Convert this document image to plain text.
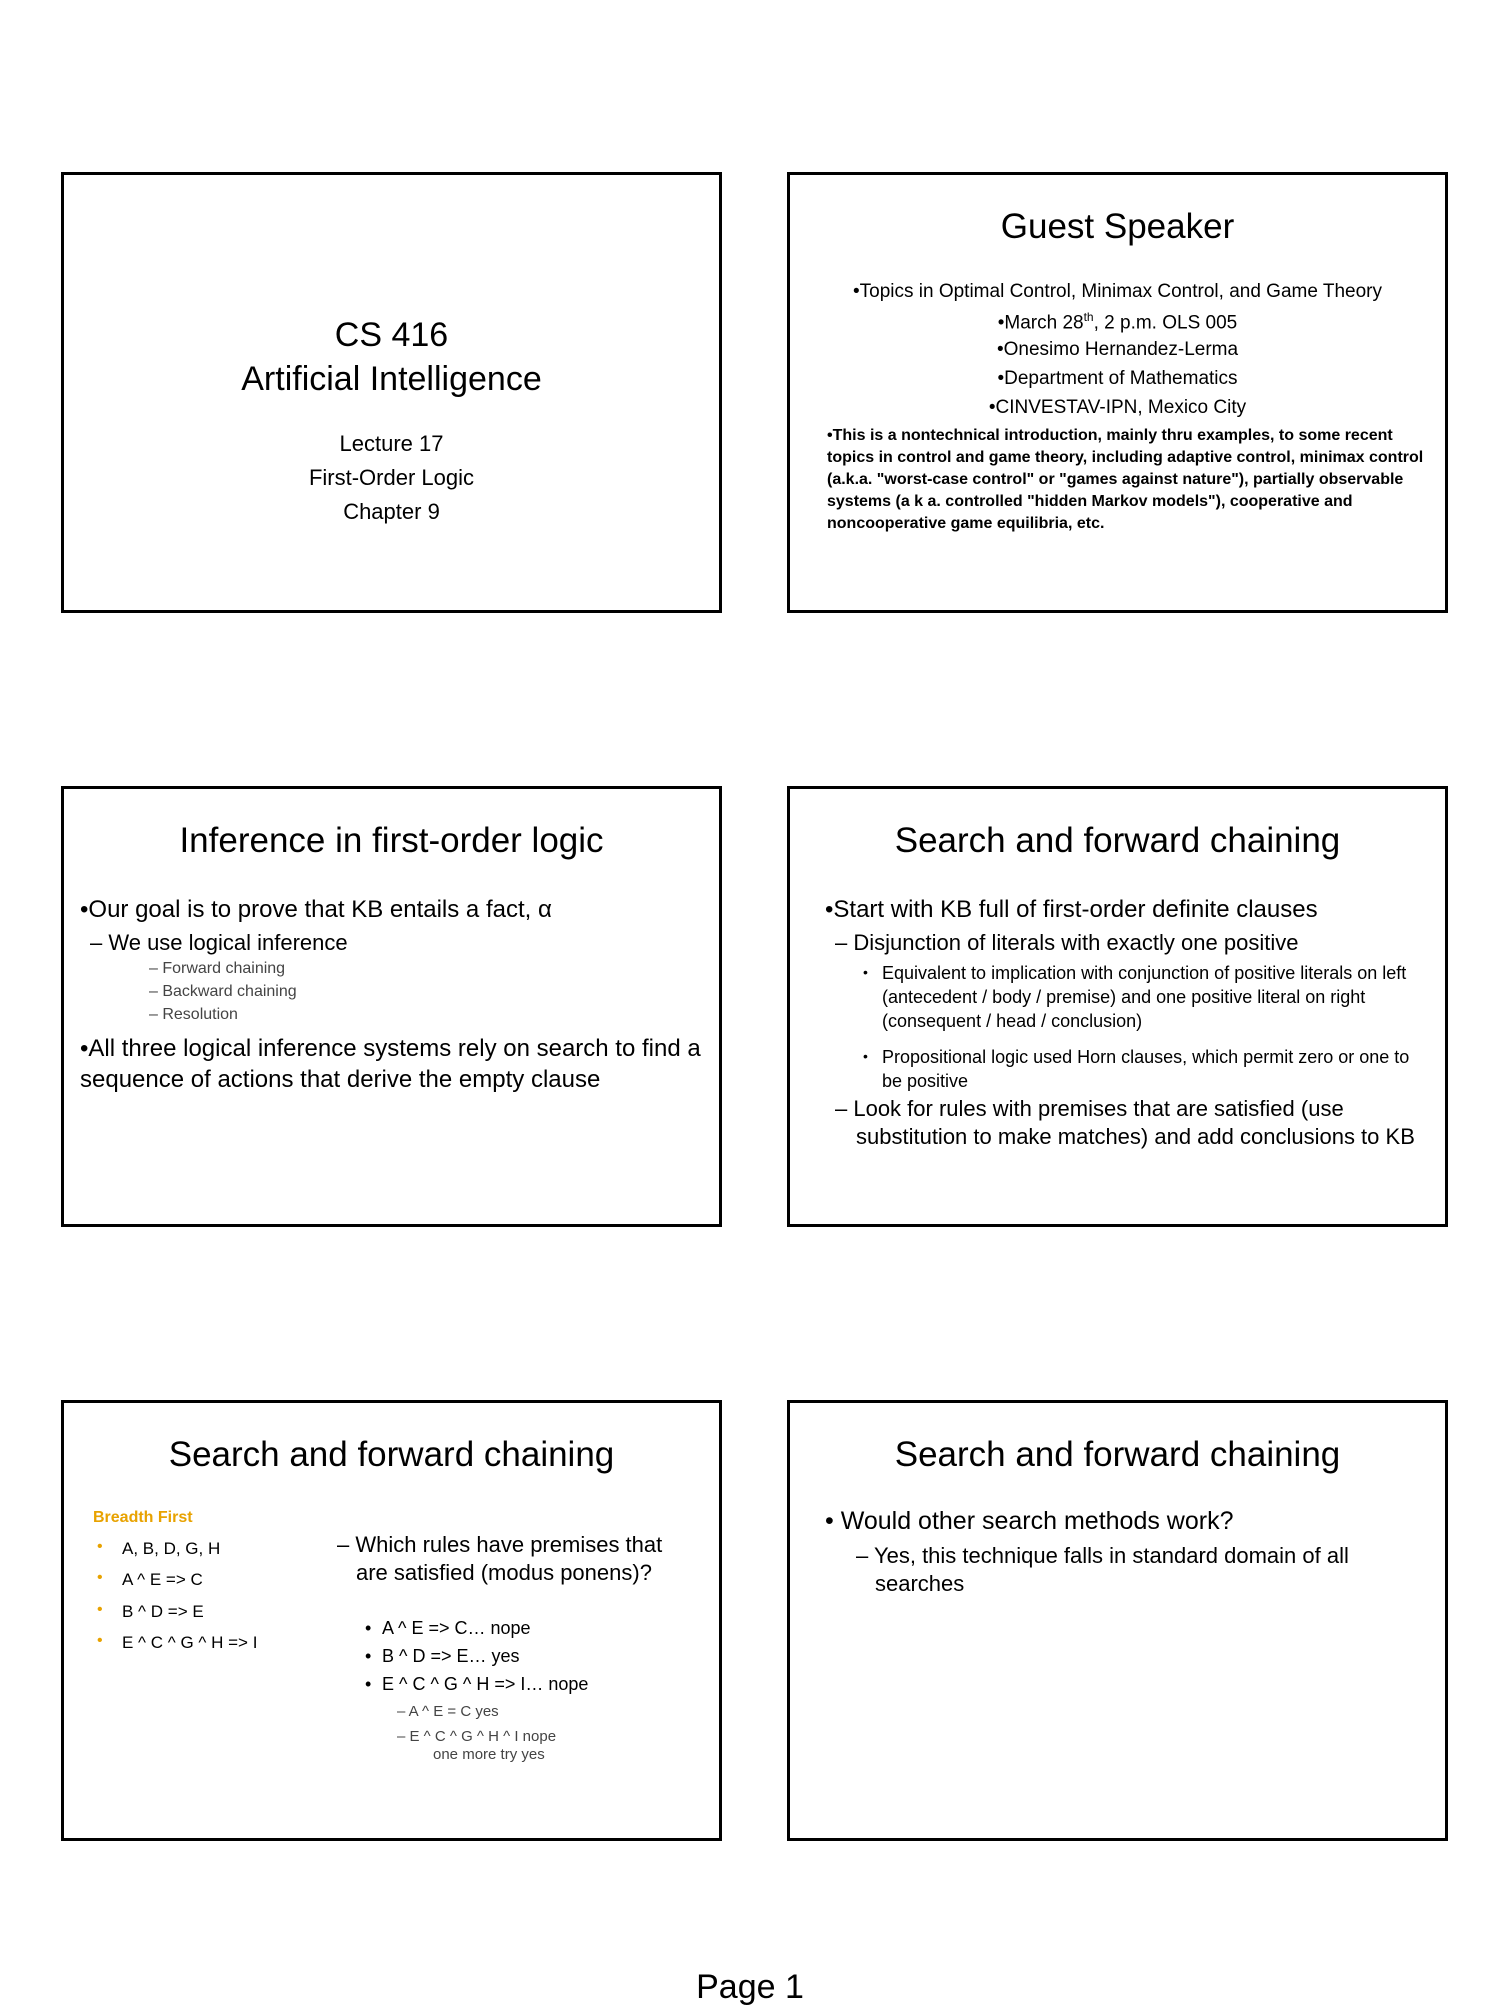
CS 416
Artificial Intelligence
Lecture 17
First-Order Logic
Chapter 9
Guest Speaker
•Topics in Optimal Control, Minimax Control, and Game Theory
•March 28th, 2 p.m. OLS 005
•Onesimo Hernandez-Lerma
•Department of Mathematics
•CINVESTAV-IPN, Mexico City
•This is a nontechnical introduction, mainly thru examples, to some recent topics in control and game theory, including adaptive control, minimax control (a.k.a. "worst-case control" or "games against nature"), partially observable systems (a k a. controlled "hidden Markov models"), cooperative and noncooperative game equilibria, etc.
Inference in first-order logic
•Our goal is to prove that KB entails a fact, α
– We use logical inference
– Forward chaining
– Backward chaining
– Resolution
•All three logical inference systems rely on search to find a sequence of actions that derive the empty clause
Search and forward chaining
•Start with KB full of first-order definite clauses
– Disjunction of literals with exactly one positive
• Equivalent to implication with conjunction of positive literals on left (antecedent / body / premise) and one positive literal on right (consequent / head / conclusion)
• Propositional logic used Horn clauses, which permit zero or one to be positive
– Look for rules with premises that are satisfied (use substitution to make matches) and add conclusions to KB
Search and forward chaining
Breadth First
• A, B, D, G, H
• A ^ E => C
• B ^ D => E
• E ^ C ^ G ^ H => I
– Which rules have premises that are satisfied (modus ponens)?
• A ^ E => C… nope
• B ^ D => E… yes
• E ^ C ^ G ^ H => I… nope
– A ^ E = C yes
– E ^ C ^ G ^ H ^ I nope
one more try yes
Search and forward chaining
• Would other search methods work?
– Yes, this technique falls in standard domain of all searches
Page 1
